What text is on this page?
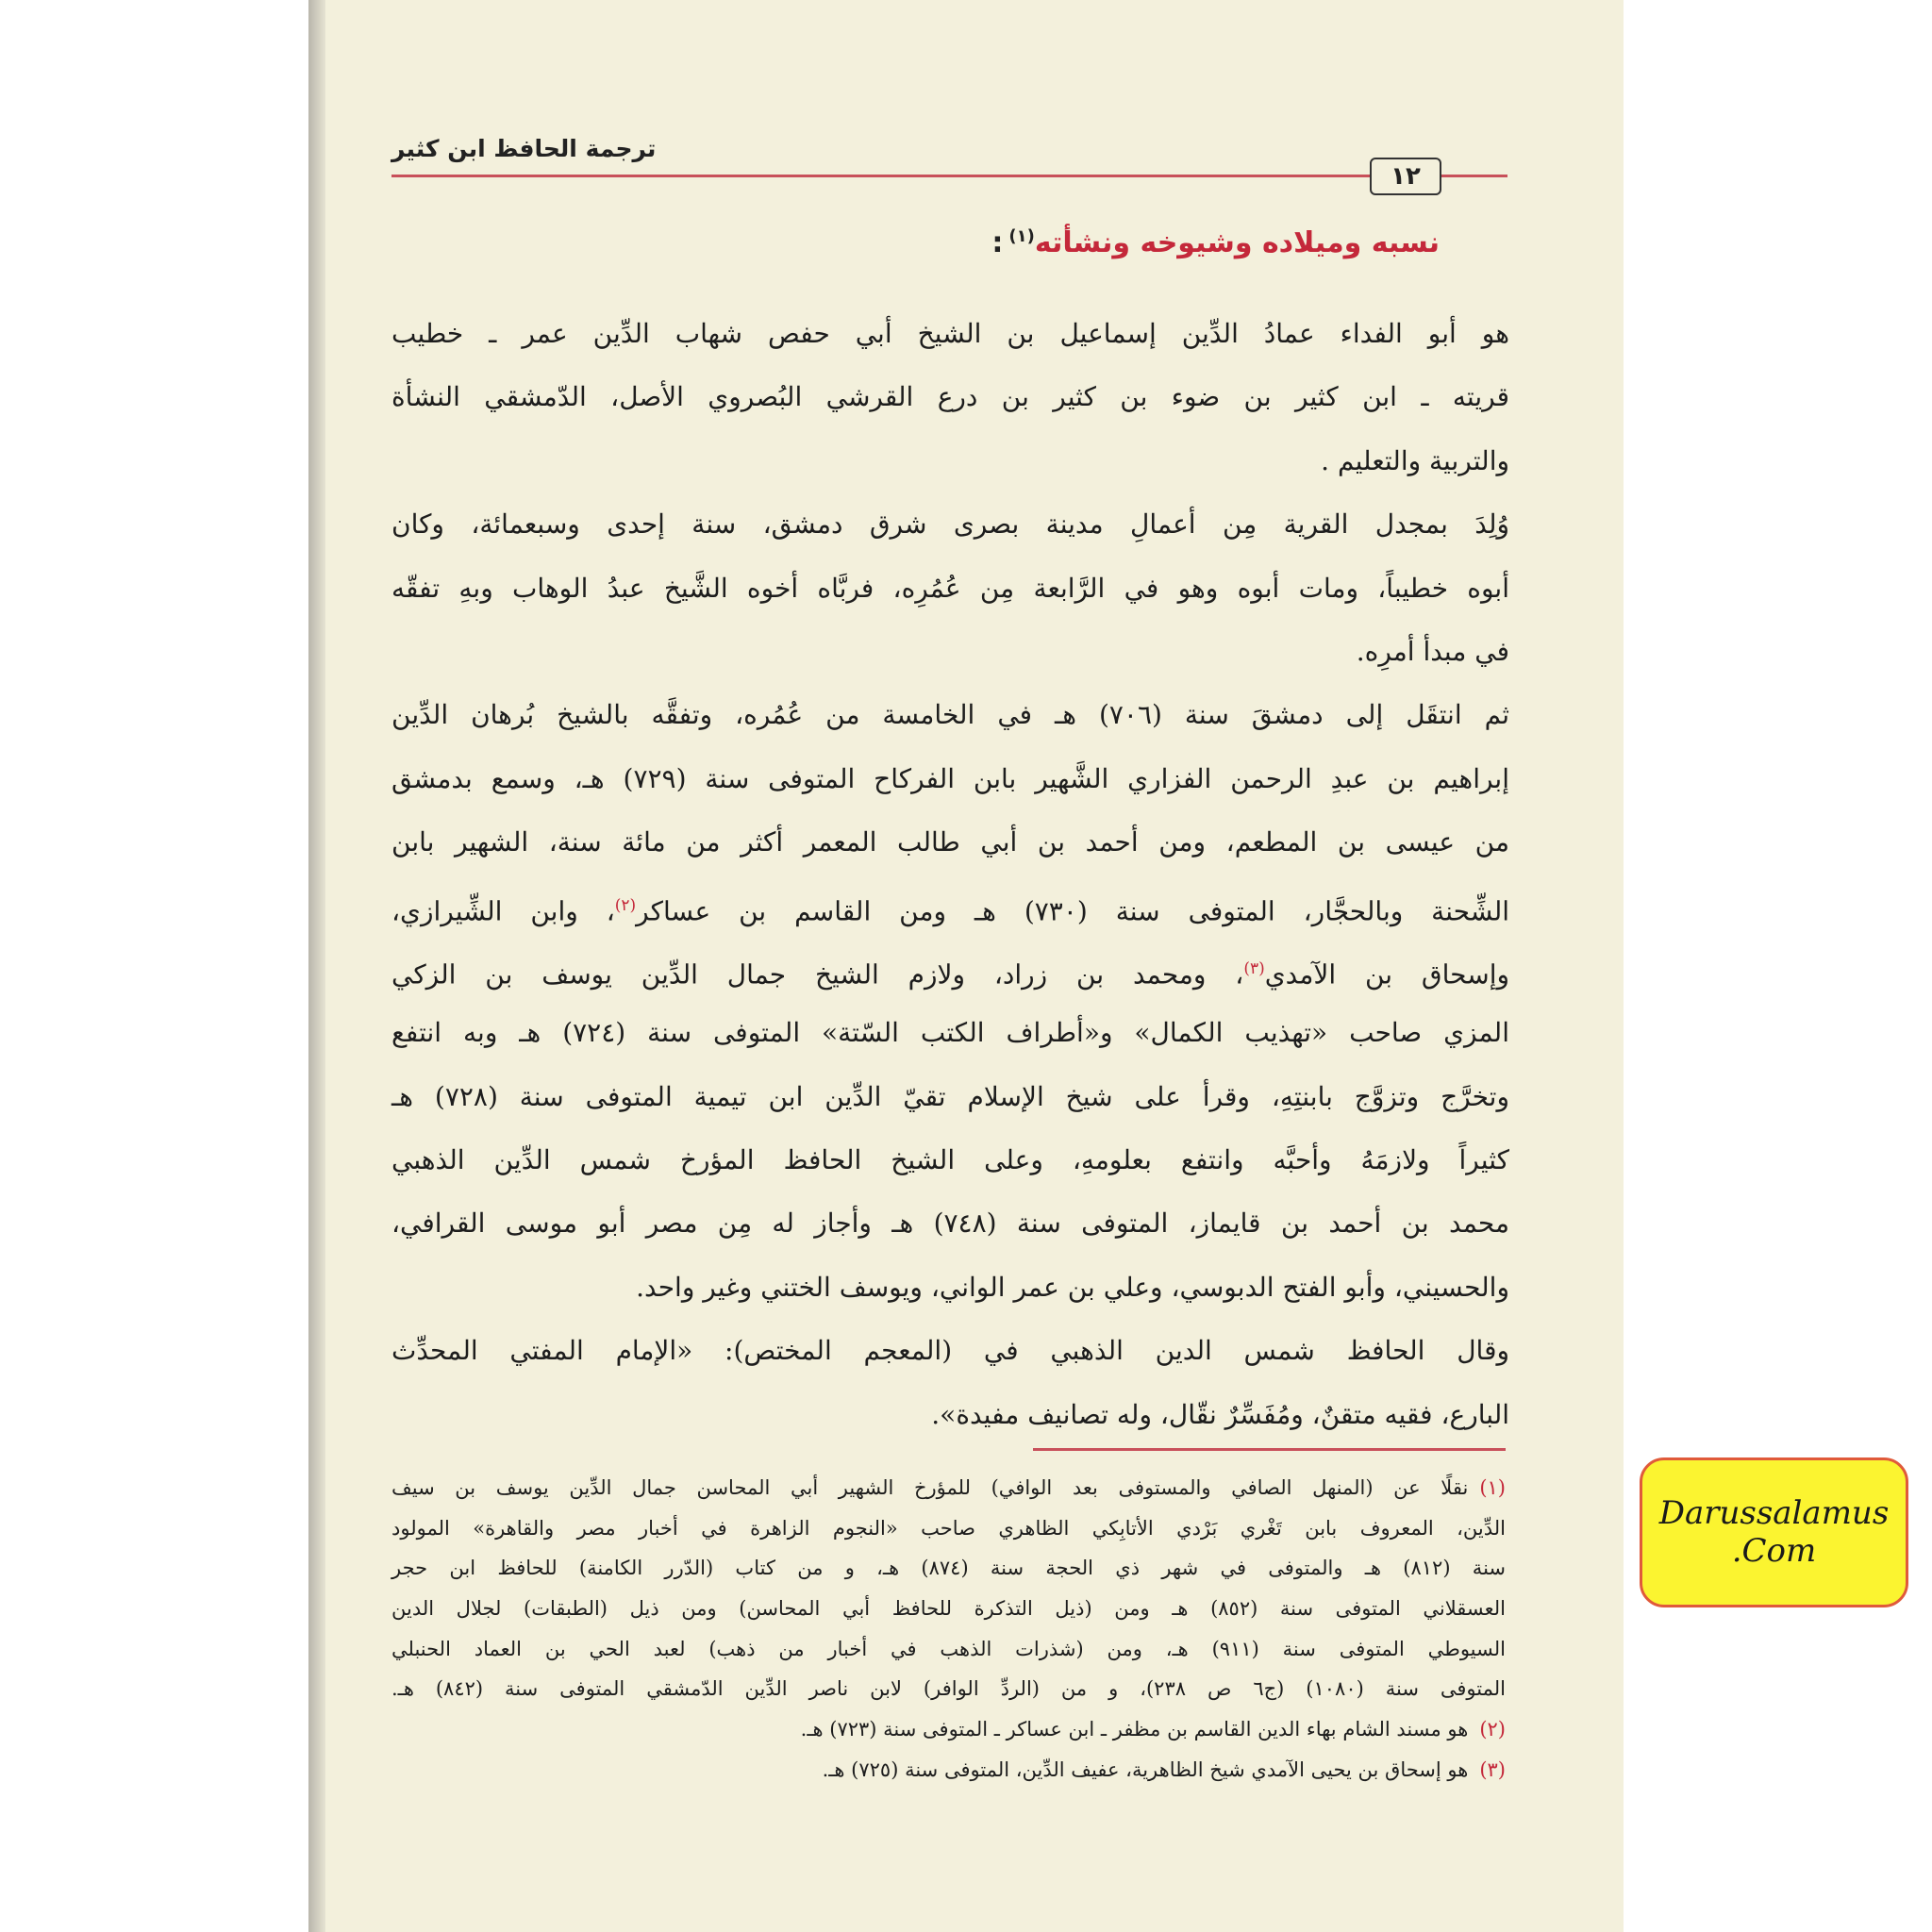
ترجمة الحافظ ابن كثير
١٢
نسبه وميلاده وشيوخه ونشأته$^{(١)}$:
هو أبو الفداء عمادُ الدِّين إسماعيل بن الشيخ أبي حفص شهاب الدِّين عمر ـ خطيب
قريته ـ ابن كثير بن ضوء بن كثير بن درع القرشي البُصروي الأصل، الدّمشقي النشأة
والتربية والتعليم .
وُلِدَ بمجدل القرية مِن أعمالِ مدينة بصرى شرق دمشق، سنة إحدى وسبعمائة، وكان
أبوه خطيباً، ومات أبوه وهو في الرَّابعة مِن عُمُرِه، فربَّاه أخوه الشَّيخ عبدُ الوهاب وبهِ تفقّه
في مبدأ أمرِه.
ثم انتقَل إلى دمشقَ سنة (٧٠٦) هـ في الخامسة من عُمُره، وتفقَّه بالشيخ بُرهان الدِّين
إبراهيم بن عبدِ الرحمن الفزاري الشَّهير بابن الفركاح المتوفى سنة (٧٢٩) هـ، وسمع بدمشق
من عيسى بن المطعم، ومن أحمد بن أبي طالب المعمر أكثر من مائة سنة، الشهير بابن
الشِّحنة وبالحجَّار، المتوفى سنة (٧٣٠) هـ ومن القاسم بن عساكر$^{(٢)}$، وابن الشِّيرازي،
وإسحاق بن الآمدي$^{(٣)}$، ومحمد بن زراد، ولازم الشيخ جمال الدِّين يوسف بن الزكي
المزي صاحب «تهذيب الكمال» و«أطراف الكتب السّتة» المتوفى سنة (٧٢٤) هـ وبه انتفع
وتخرَّج وتزوَّج بابنتِهِ، وقرأ على شيخ الإسلام تقيّ الدِّين ابن تيمية المتوفى سنة (٧٢٨) هـ
كثيراً ولازمَهُ وأحبَّه وانتفع بعلومهِ، وعلى الشيخ الحافظ المؤرخ شمس الدِّين الذهبي
محمد بن أحمد بن قايماز، المتوفى سنة (٧٤٨) هـ وأجاز له مِن مصر أبو موسى القرافي،
والحسيني، وأبو الفتح الدبوسي، وعلي بن عمر الواني، ويوسف الختني وغير واحد.
وقال الحافظ شمس الدين الذهبي في (المعجم المختص): «الإمام المفتي المحدِّث
البارع، فقيه متقنٌ، ومُفَسِّرٌ نقّال، وله تصانيف مفيدة».
(١)نقلًا عن (المنهل الصافي والمستوفى بعد الوافي) للمؤرخ الشهير أبي المحاسن جمال الدِّين يوسف بن سيف
الدِّين، المعروف بابن تَغْري بَرْدي الأتابِكي الظاهري صاحب «النجوم الزاهرة في أخبار مصر والقاهرة» المولود
سنة (٨١٢) هـ والمتوفى في شهر ذي الحجة سنة (٨٧٤) هـ، و من كتاب (الدّرر الكامنة) للحافظ ابن حجر
العسقلاني المتوفى سنة (٨٥٢) هـ ومن (ذيل التذكرة للحافظ أبي المحاسن) ومن ذيل (الطبقات) لجلال الدين
السيوطي المتوفى سنة (٩١١) هـ، ومن (شذرات الذهب في أخبار من ذهب) لعبد الحي بن العماد الحنبلي
المتوفى سنة (١٠٨٠) (ج٦ ص ٢٣٨)، و من (الردِّ الوافر) لابن ناصر الدِّين الدّمشقي المتوفى سنة (٨٤٢) هـ.
(٢)هو مسند الشام بهاء الدين القاسم بن مظفر ـ ابن عساكر ـ المتوفى سنة (٧٢٣) هـ.
(٣)هو إسحاق بن يحيى الآمدي شيخ الظاهرية، عفيف الدِّين، المتوفى سنة (٧٢٥) هـ.
Darussalamus
.Com
